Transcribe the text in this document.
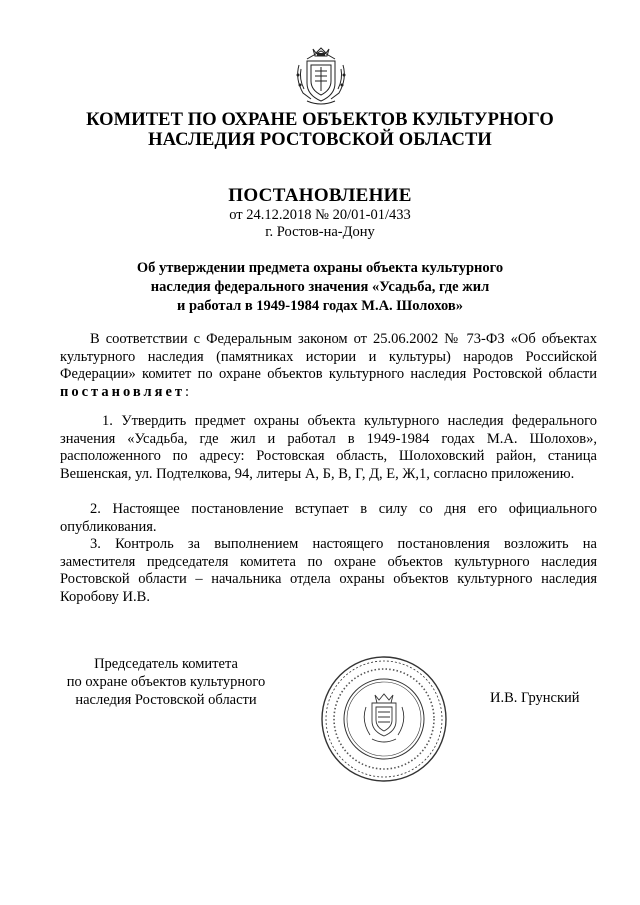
КОМИТЕТ ПО ОХРАНЕ ОБЪЕКТОВ КУЛЬТУРНОГО
НАСЛЕДИЯ РОСТОВСКОЙ ОБЛАСТИ
ПОСТАНОВЛЕНИЕ
от 24.12.2018 № 20/01-01/433
г. Ростов-на-Дону
Об утверждении предмета охраны объекта культурного
наследия федерального значения «Усадьба, где жил
и работал в 1949-1984 годах М.А. Шолохов»
В соответствии с Федеральным законом от 25.06.2002 № 73-ФЗ «Об объектах культурного наследия (памятниках истории и культуры) народов Российской Федерации» комитет по охране объектов культурного наследия Ростовской области постановляет:
1. Утвердить предмет охраны объекта культурного наследия федерального значения «Усадьба, где жил и работал в 1949-1984 годах М.А. Шолохов», расположенного по адресу: Ростовская область, Шолоховский район, станица Вешенская, ул. Подтелкова, 94, литеры А, Б, В, Г, Д, Е, Ж,1, согласно приложению.
2. Настоящее постановление вступает в силу со дня его официального опубликования.
3. Контроль за выполнением настоящего постановления возложить на заместителя председателя комитета по охране объектов культурного наследия Ростовской области – начальника отдела охраны объектов культурного наследия Коробову И.В.
Председатель комитета
по охране объектов культурного
наследия Ростовской области	И.В. Грунский
